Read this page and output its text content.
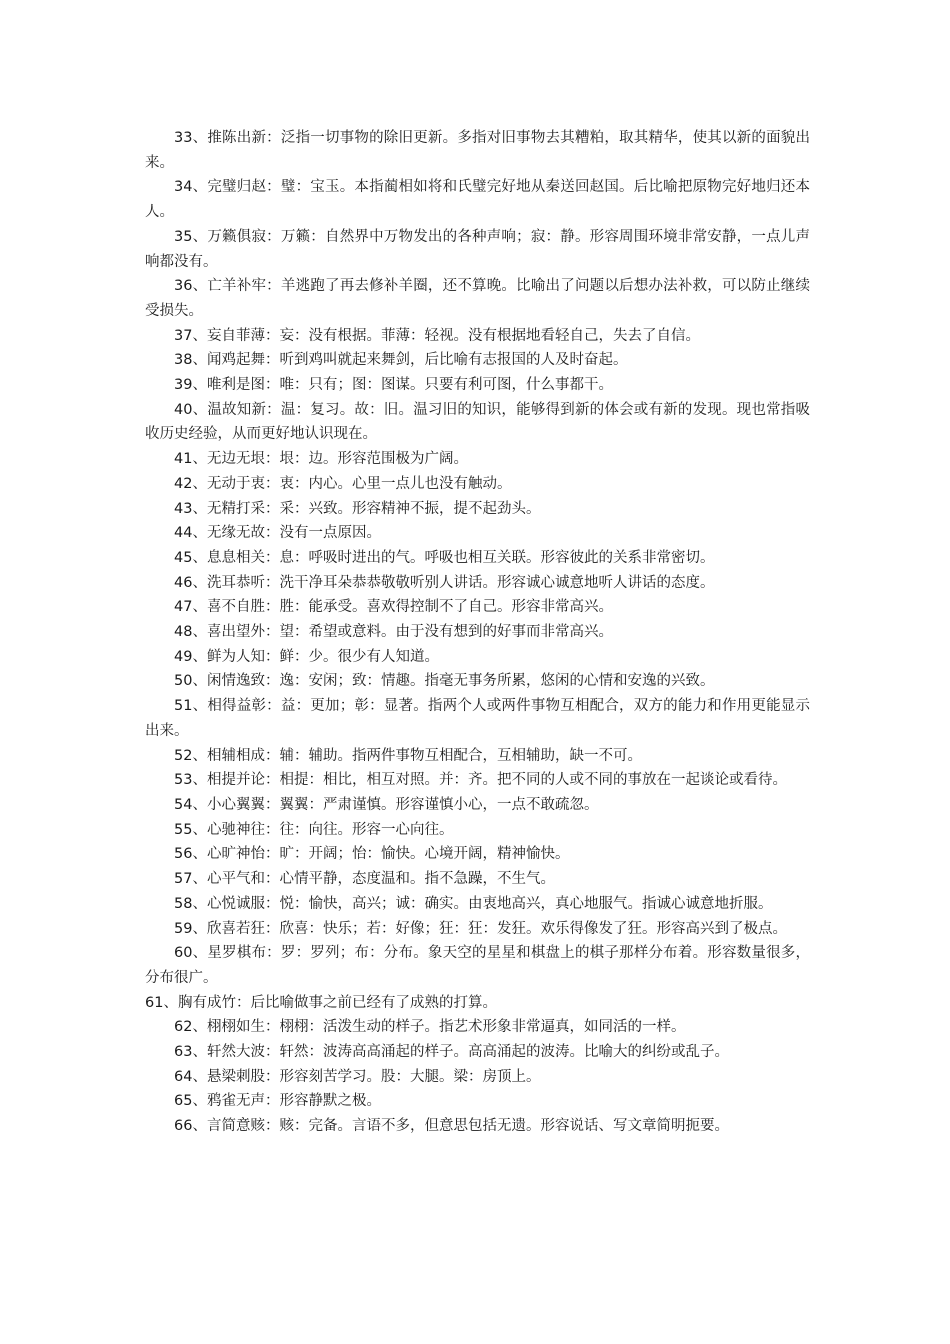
33、推陈出新：泛指一切事物的除旧更新。多指对旧事物去其糟粕，取其精华，使其以新的面貌出来。

34、完璧归赵：璧：宝玉。本指蔺相如将和氏璧完好地从秦送回赵国。后比喻把原物完好地归还本人。

35、万籁俱寂：万籁：自然界中万物发出的各种声响；寂：静。形容周围环境非常安静，一点儿声响都没有。

36、亡羊补牢：羊逃跑了再去修补羊圈，还不算晚。比喻出了问题以后想办法补救，可以防止继续受损失。

37、妄自菲薄：妄：没有根据。菲薄：轻视。没有根据地看轻自己，失去了自信。

38、闻鸡起舞：听到鸡叫就起来舞剑，后比喻有志报国的人及时奋起。

39、唯利是图：唯：只有；图：图谋。只要有利可图，什么事都干。

40、温故知新：温：复习。故：旧。温习旧的知识，能够得到新的体会或有新的发现。现也常指吸收历史经验，从而更好地认识现在。

41、无边无垠：垠：边。形容范围极为广阔。

42、无动于衷：衷：内心。心里一点儿也没有触动。

43、无精打采：采：兴致。形容精神不振，提不起劲头。

44、无缘无故：没有一点原因。

45、息息相关：息：呼吸时进出的气。呼吸也相互关联。形容彼此的关系非常密切。

46、洗耳恭听：洗干净耳朵恭恭敬敬听别人讲话。形容诚心诚意地听人讲话的态度。

47、喜不自胜：胜：能承受。喜欢得控制不了自己。形容非常高兴。

48、喜出望外：望：希望或意料。由于没有想到的好事而非常高兴。

49、鲜为人知：鲜：少。很少有人知道。

50、闲情逸致：逸：安闲；致：情趣。指毫无事务所累，悠闲的心情和安逸的兴致。

51、相得益彰：益：更加；彰：显著。指两个人或两件事物互相配合，双方的能力和作用更能显示出来。

52、相辅相成：辅：辅助。指两件事物互相配合，互相辅助，缺一不可。

53、相提并论：相提：相比，相互对照。并：齐。把不同的人或不同的事放在一起谈论或看待。

54、小心翼翼：翼翼：严肃谨慎。形容谨慎小心，一点不敢疏忽。

55、心驰神往：往：向往。形容一心向往。

56、心旷神怡：旷：开阔；怡：愉快。心境开阔，精神愉快。

57、心平气和：心情平静，态度温和。指不急躁，不生气。

58、心悦诚服：悦：愉快，高兴；诚：确实。由衷地高兴，真心地服气。指诚心诚意地折服。

59、欣喜若狂：欣喜：快乐；若：好像；狂：狂：发狂。欢乐得像发了狂。形容高兴到了极点。

60、星罗棋布：罗：罗列；布：分布。象天空的星星和棋盘上的棋子那样分布着。形容数量很多，分布很广。

61、胸有成竹：后比喻做事之前已经有了成熟的打算。

62、栩栩如生：栩栩：活泼生动的样子。指艺术形象非常逼真，如同活的一样。

63、轩然大波：轩然：波涛高高涌起的样子。高高涌起的波涛。比喻大的纠纷或乱子。

64、悬梁刺股：形容刻苦学习。股：大腿。梁：房顶上。

65、鸦雀无声：形容静默之极。

66、言简意赅：赅：完备。言语不多，但意思包括无遗。形容说话、写文章简明扼要。
